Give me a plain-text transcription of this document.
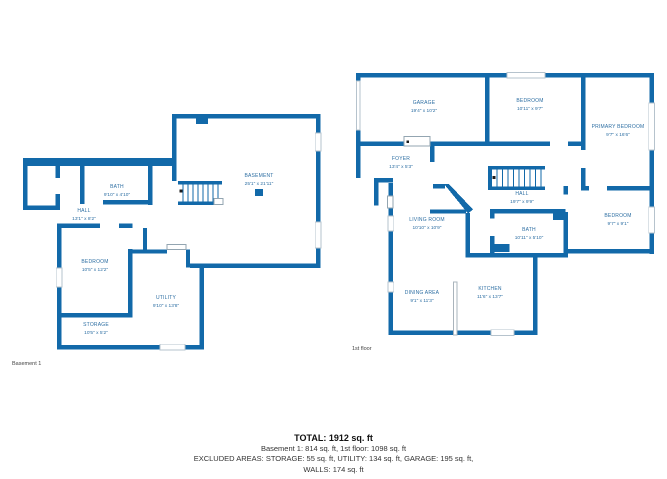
BATH
9'10" x 4'10"
HALL
13'1" x 8'2"
BEDROOM
10'5" x 12'2"
STORAGE
10'5" x 5'2"
UTILITY
9'10" x 13'8"
BASEMENT
25'1" x 21'11"
GARAGE
19'4" x 10'2"
BEDROOM
10'11" x 9'7"
PRIMARY BEDROOM
9'7" x 16'6"
FOYER
13'4" x 5'3"
HALL
19'7" x 9'9"
LIVING ROOM
10'10" x 10'9"	BATH
10'11" x 5'10"
BEDROOM
9'7" x 9'1"
DINING AREA
9'1" x 11'3"
KITCHEN
11'6" x 13'7"
Basement 1
1st floor
TOTAL: 1912 sq. ft
Basement 1: 814 sq. ft, 1st floor: 1098 sq. ft
EXCLUDED AREAS: STORAGE: 55 sq. ft, UTILITY: 134 sq. ft, GARAGE: 195 sq. ft,
WALLS: 174 sq. ft
